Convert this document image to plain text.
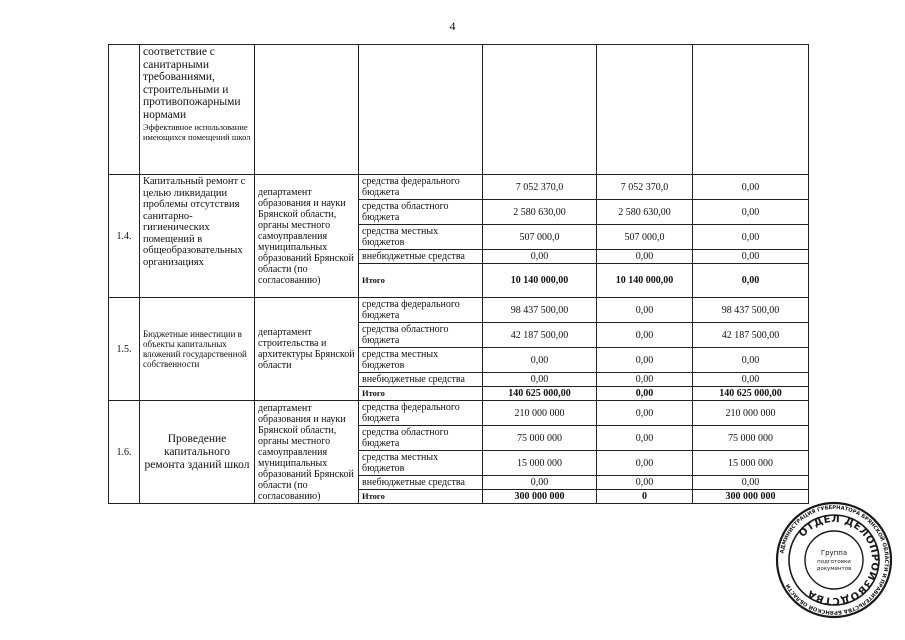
4
	соответствие с санитарными требованиями, строительными и противопожарными нормами
Эффективное использование имеющихся помещений школ					

1.4.	Капитальный ремонт с целью ликвидации проблемы отсутствия санитарно-гигиенических помещений в общеобразовательных организациях	департамент образования и науки Брянской области, органы местного самоуправления муниципальных образований Брянской области (по согласованию)	средства федерального бюджета	7 052 370,0	7 052 370,0	0,00
			средства областного бюджета	2 580 630,00	2 580 630,00	0,00
			средства местных бюджетов	507 000,0	507 000,0	0,00
			внебюджетные средства	0,00	0,00	0,00
			Итого	10 140 000,00	10 140 000,00	0,00
1.5.	Бюджетные инвестиции в объекты капитальных вложений государственной собственности	департамент строительства и архитектуры Брянской области	средства федерального бюджета	98 437 500,00	0,00	98 437 500,00
			средства областного бюджета	42 187 500,00	0,00	42 187 500,00
			средства местных бюджетов	0,00	0,00	0,00
			внебюджетные средства	0,00	0,00	0,00
			Итого	140 625 000,00	0,00	140 625 000,00
1.6.	Проведение капитального ремонта зданий школ	департамент образования и науки Брянской области, органы местного самоуправления муниципальных образований Брянской области (по согласованию)	средства федерального бюджета	210 000 000	0,00	210 000 000
			средства областного бюджета	75 000 000	0,00	75 000 000
			средства местных бюджетов	15 000 000	0,00	15 000 000
			внебюджетные средства	0,00	0,00	0,00
			Итого	300 000 000	0	300 000 000
АДМИНИСТРАЦИЯ ГУБЕРНАТОРА БРЯНСКОЙ ОБЛАСТИ И ПРАВИТЕЛЬСТВА БРЯНСКОЙ ОБЛАСТИ
ОТДЕЛ ДЕЛОПРОИЗВОДСТВА
Группа
подготовки
документов
